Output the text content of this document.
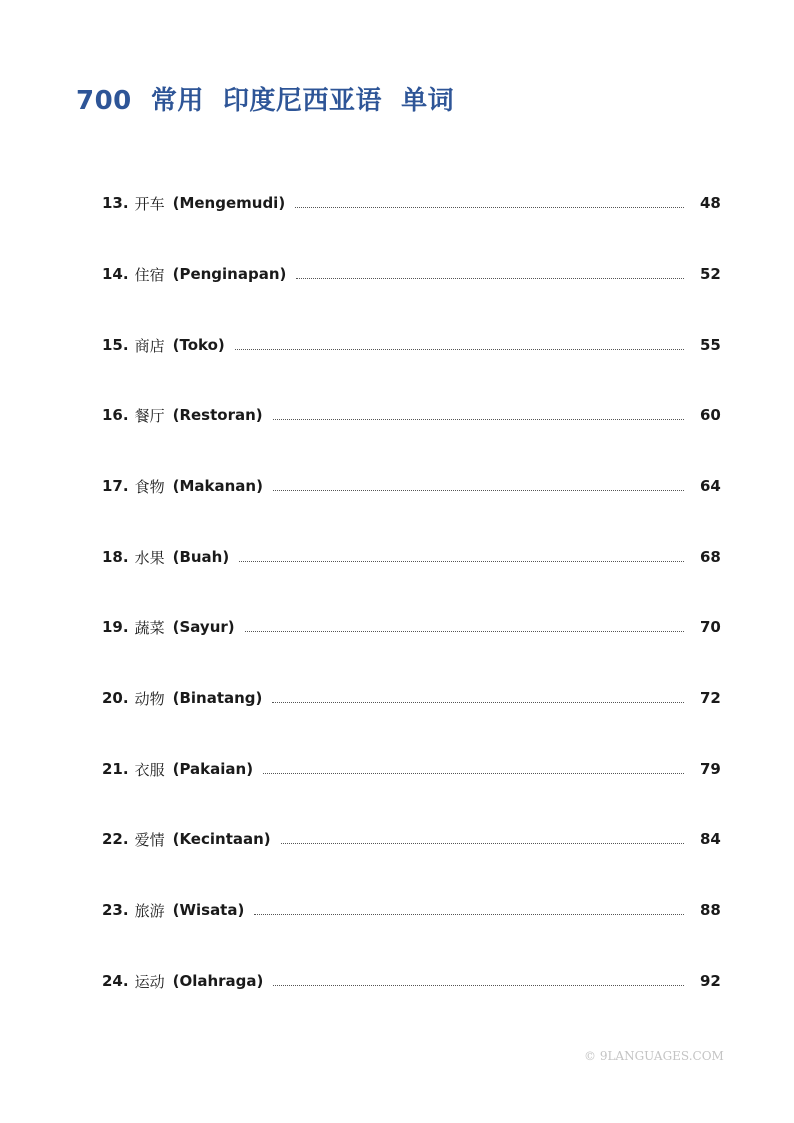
700  常用  印度尼西亚语  单词
13. 开车 (Mengemudi)	48
14. 住宿 (Penginapan)	52
15. 商店 (Toko)	55
16. 餐厅 (Restoran)	60
17. 食物 (Makanan)	64
18. 水果 (Buah)	68
19. 蔬菜 (Sayur)	70
20. 动物 (Binatang)	72
21. 衣服 (Pakaian)	79
22. 爱情 (Kecintaan)	84
23. 旅游 (Wisata)	88
24. 运动 (Olahraga)	92
© 9LANGUAGES.COM
